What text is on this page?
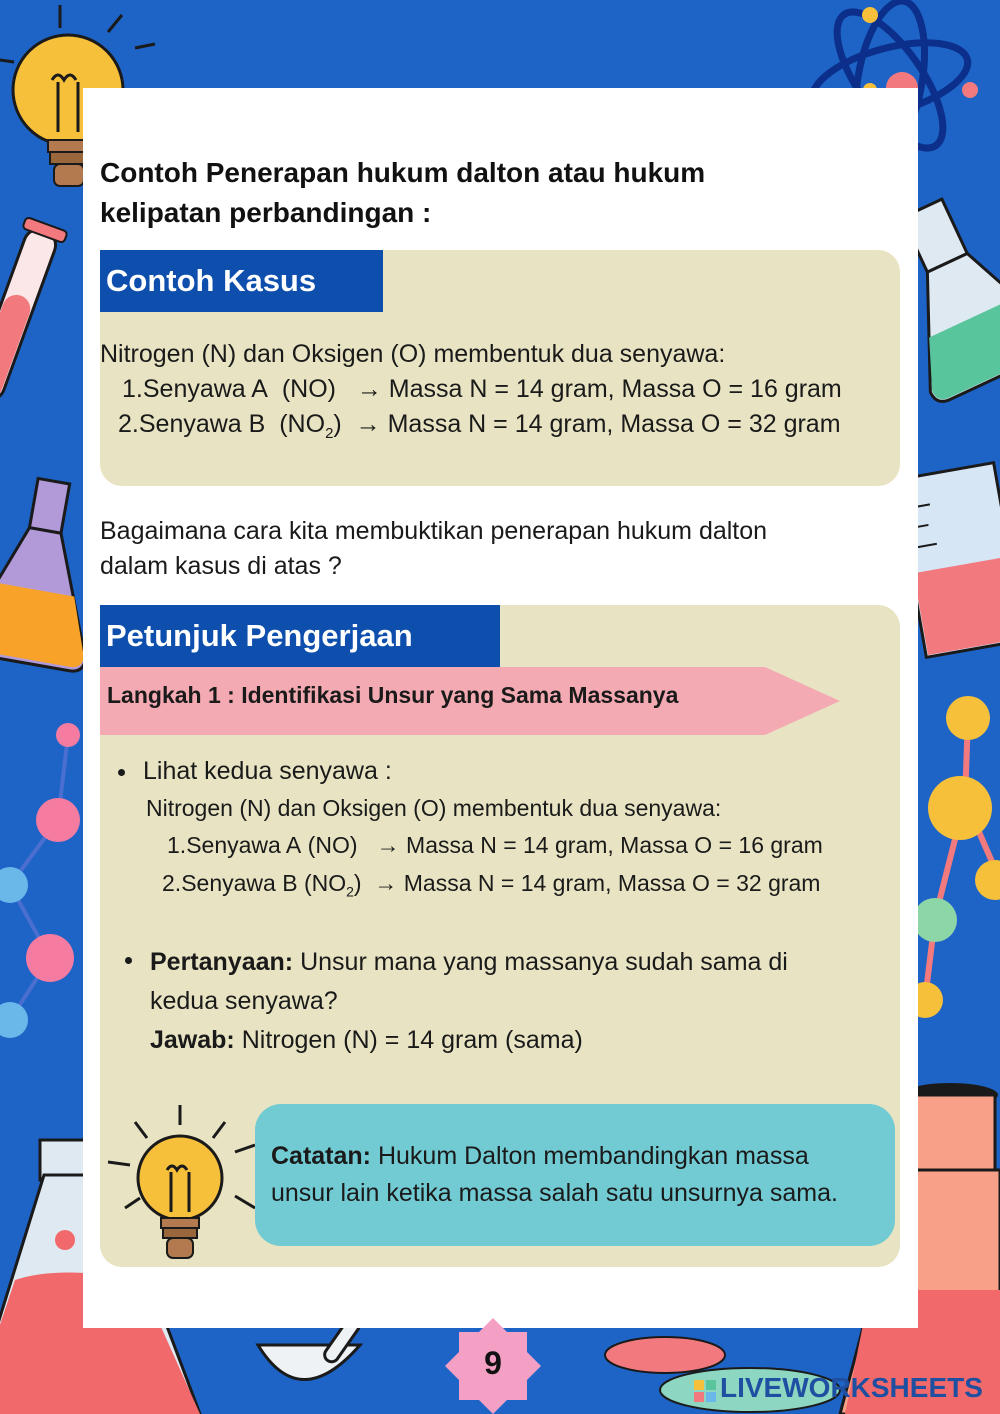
Contoh Penerapan hukum dalton atau hukum
kelipatan perbandingan :
Contoh Kasus
Nitrogen (N) dan Oksigen (O) membentuk dua senyawa:
1.Senyawa A (NO) → Massa N = 14 gram, Massa O = 16 gram
2.Senyawa B $(NO_2)$ → Massa N = 14 gram, Massa O = 32 gram
Bagaimana cara kita membuktikan penerapan hukum dalton
dalam kasus di atas ?
Petunjuk Pengerjaan
Langkah 1 : Identifikasi Unsur yang Sama Massanya
Lihat kedua senyawa :
Nitrogen (N) dan Oksigen (O) membentuk dua senyawa:
1.Senyawa A (NO) → Massa N = 14 gram, Massa O = 16 gram
2.Senyawa B $(NO_2)$ → Massa N = 14 gram, Massa O = 32 gram
Pertanyaan: Unsur mana yang massanya sudah sama di
kedua senyawa?
Jawab: Nitrogen (N) = 14 gram (sama)
Catatan: Hukum Dalton membandingkan massa
unsur lain ketika massa salah satu unsurnya sama.
9
LIVEWORKSHEETS
